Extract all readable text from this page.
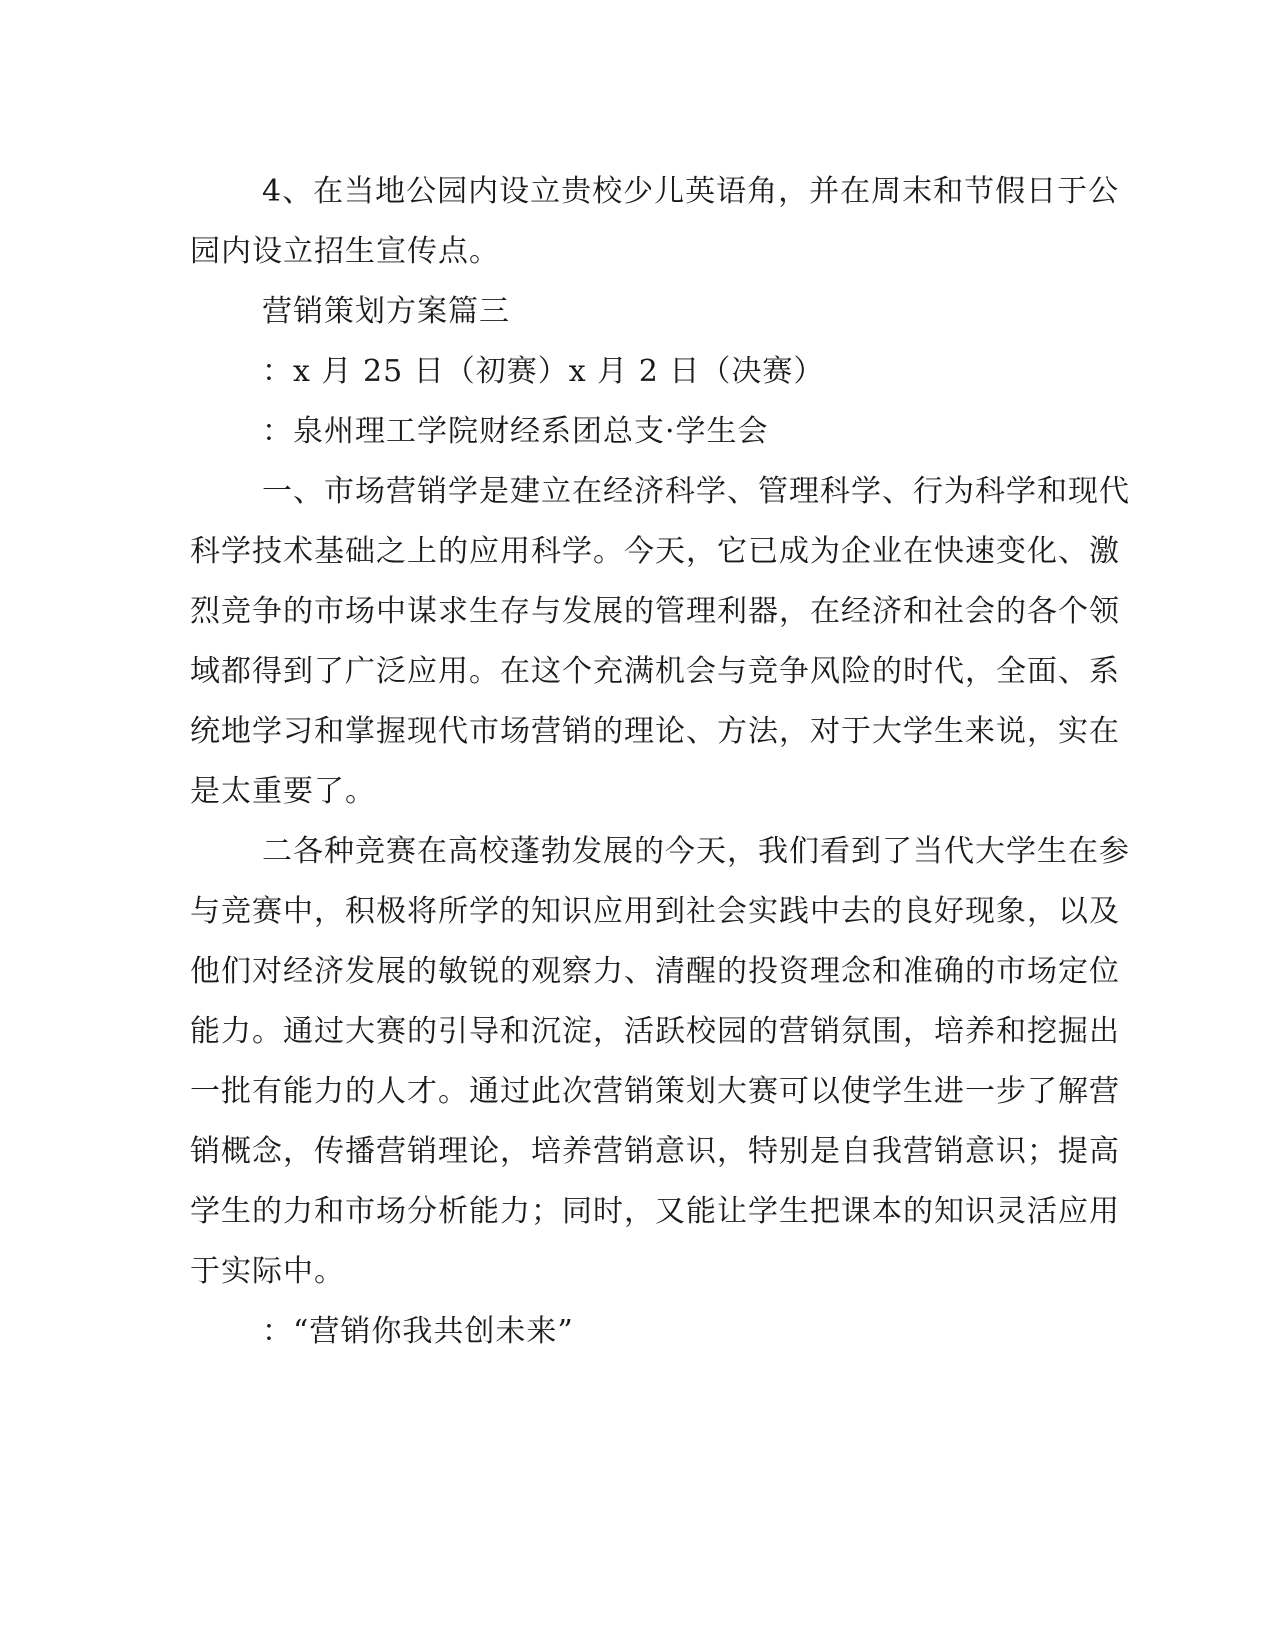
4、在当地公园内设立贵校少儿英语角，并在周末和节假日于公
园内设立招生宣传点。
营销策划方案篇三
：x 月 25 日（初赛）x 月 2 日（决赛）
：泉州理工学院财经系团总支·学生会
一、市场营销学是建立在经济科学、管理科学、行为科学和现代
科学技术基础之上的应用科学。今天，它已成为企业在快速变化、激
烈竞争的市场中谋求生存与发展的管理利器，在经济和社会的各个领
域都得到了广泛应用。在这个充满机会与竞争风险的时代，全面、系
统地学习和掌握现代市场营销的理论、方法，对于大学生来说，实在
是太重要了。
二各种竞赛在高校蓬勃发展的今天，我们看到了当代大学生在参
与竞赛中，积极将所学的知识应用到社会实践中去的良好现象，以及
他们对经济发展的敏锐的观察力、清醒的投资理念和准确的市场定位
能力。通过大赛的引导和沉淀，活跃校园的营销氛围，培养和挖掘出
一批有能力的人才。通过此次营销策划大赛可以使学生进一步了解营
销概念，传播营销理论，培养营销意识，特别是自我营销意识；提高
学生的力和市场分析能力；同时，又能让学生把课本的知识灵活应用
于实际中。
：“营销你我共创未来”
